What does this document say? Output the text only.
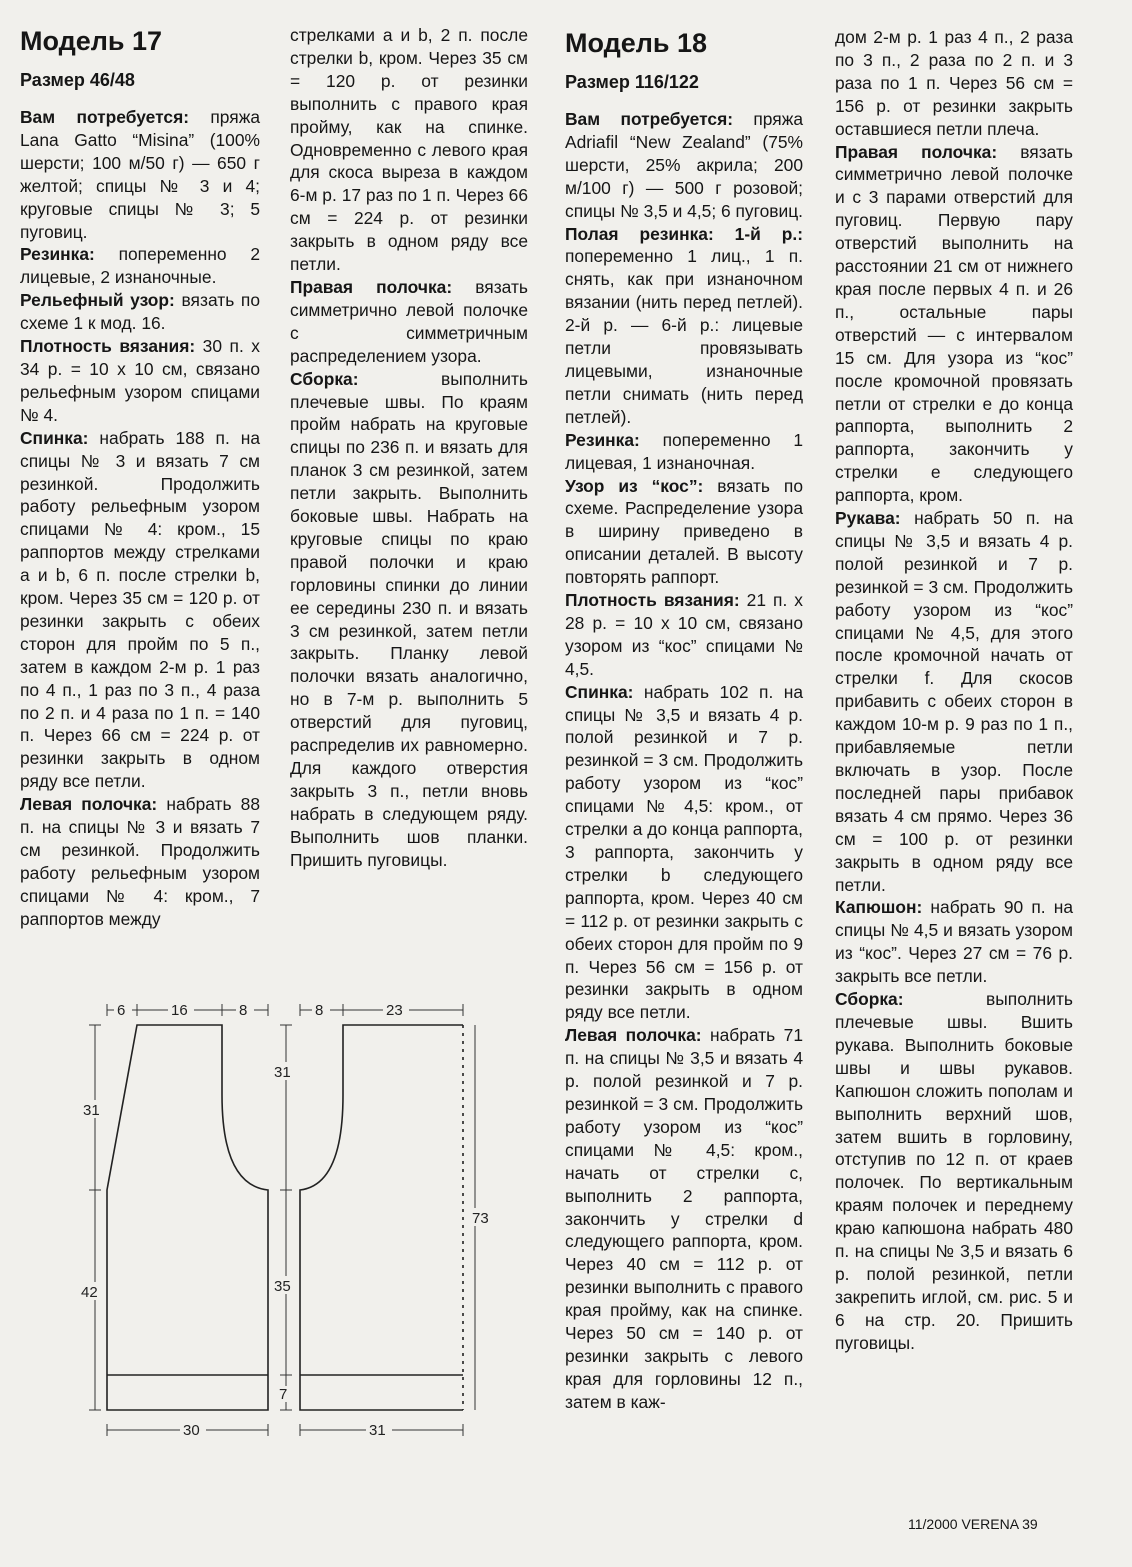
Модель 17
Размер 46/48

Вам потребуется: пряжа Lana Gatto “Misina” (100% шерсти; 100 м/50 г) — 650 г желтой; спицы № 3 и 4; круговые спицы № 3; 5 пуговиц.

Резинка: попеременно 2 лицевые, 2 изнаночные.

Рельефный узор: вязать по схеме 1 к мод. 16.

Плотность вязания: 30 п. х 34 р. = 10 х 10 см, связано рельефным узором спицами № 4.

Спинка: набрать 188 п. на спицы № 3 и вязать 7 см резинкой. Продолжить работу рельефным узором спицами № 4: кром., 15 раппортов между стрелками a и b, 6 п. после стрелки b, кром. Через 35 см = 120 р. от резинки закрыть с обеих сторон для пройм по 5 п., затем в каждом 2-м р. 1 раз по 4 п., 1 раз по 3 п., 4 раза по 2 п. и 4 раза по 1 п. = 140 п. Через 66 см = 224 р. от резинки закрыть в одном ряду все петли.

Левая полочка: набрать 88 п. на спицы № 3 и вязать 7 см резинкой. Продолжить работу рельефным узором спицами № 4: кром., 7 раппортов между

стрелками a и b, 2 п. после стрелки b, кром. Через 35 см = 120 р. от резинки выполнить с правого края пройму, как на спинке. Одновременно с левого края для скоса выреза в каждом 6-м р. 17 раз по 1 п. Через 66 см = 224 р. от резинки закрыть в одном ряду все петли.

Правая полочка: вязать симметрично левой полочке с симметричным распределением узора.

Сборка: выполнить плечевые швы. По краям пройм набрать на круговые спицы по 236 п. и вязать для планок 3 см резинкой, затем петли закрыть. Выполнить боковые швы. Набрать на круговые спицы по краю правой полочки и краю горловины спинки до линии ее середины 230 п. и вязать 3 см резинкой, затем петли закрыть. Планку левой полочки вязать аналогично, но в 7-м р. выполнить 5 отверстий для пуговиц, распределив их равномерно. Для каждого отверстия закрыть 3 п., петли вновь набрать в следующем ряду. Выполнить шов планки. Пришить пуговицы.

Модель 18
Размер 116/122

Вам потребуется: пряжа Adriafil “New Zealand” (75% шерсти, 25% акрила; 200 м/100 г) — 500 г розовой; спицы № 3,5 и 4,5; 6 пуговиц.

Полая резинка: 1-й р.: попеременно 1 лиц., 1 п. снять, как при изнаночном вязании (нить перед петлей). 2-й р. — 6-й р.: лицевые петли провязывать лицевыми, изнаночные петли снимать (нить перед петлей).

Резинка: попеременно 1 лицевая, 1 изнаночная.

Узор из “кос”: вязать по схеме. Распределение узора в ширину приведено в описании деталей. В высоту повторять раппорт.

Плотность вязания: 21 п. х 28 р. = 10 х 10 см, связано узором из “кос” спицами № 4,5.

Спинка: набрать 102 п. на спицы № 3,5 и вязать 4 р. полой резинкой и 7 р. резинкой = 3 см. Продолжить работу узором из “кос” спицами № 4,5: кром., от стрелки a до конца раппорта, 3 раппорта, закончить у стрелки b следующего раппорта, кром. Через 40 см = 112 р. от резинки закрыть с обеих сторон для пройм по 9 п. Через 56 см = 156 р. от резинки закрыть в одном ряду все петли.

Левая полочка: набрать 71 п. на спицы № 3,5 и вязать 4 р. полой резинкой и 7 р. резинкой = 3 см. Продолжить работу узором из “кос” спицами № 4,5: кром., начать от стрелки c, выполнить 2 раппорта, закончить у стрелки d следующего раппорта, кром. Через 40 см = 112 р. от резинки выполнить с правого края пройму, как на спинке. Через 50 см = 140 р. от резинки закрыть с левого края для горловины 12 п., затем в каж-

дом 2-м р. 1 раз 4 п., 2 раза по 3 п., 2 раза по 2 п. и 3 раза по 1 п. Через 56 см = 156 р. от резинки закрыть оставшиеся петли плеча.

Правая полочка: вязать симметрично левой полочке и с 3 парами отверстий для пуговиц. Первую пару отверстий выполнить на расстоянии 21 см от нижнего края после первых 4 п. и 26 п., остальные пары отверстий — с интервалом 15 см. Для узора из “кос” после кромочной провязать петли от стрелки e до конца раппорта, выполнить 2 раппорта, закончить у стрелки e следующего раппорта, кром.

Рукава: набрать 50 п. на спицы № 3,5 и вязать 4 р. полой резинкой и 7 р. резинкой = 3 см. Продолжить работу узором из “кос” спицами № 4,5, для этого после кромочной начать от стрелки f. Для скосов прибавить с обеих сторон в каждом 10-м р. 9 раз по 1 п., прибавляемые петли включать в узор. После последней пары прибавок вязать 4 см прямо. Через 36 см = 100 р. от резинки закрыть в одном ряду все петли.

Капюшон: набрать 90 п. на спицы № 4,5 и вязать узором из “кос”. Через 27 см = 76 р. закрыть все петли.

Сборка: выполнить плечевые швы. Вшить рукава. Выполнить боковые швы и швы рукавов. Капюшон сложить пополам и выполнить верхний шов, затем вшить в горловину, отступив по 12 п. от краев полочек. По вертикальным краям полочек и переднему краю капюшона набрать 480 п. на спицы № 3,5 и вязать 6 р. полой резинкой, петли закрепить иглой, см. рис. 5 и 6 на стр. 20. Пришить пуговицы.

6	16	8	8	23
31
42
31
35
7
73
30	31
11/2000 VERENA 39
